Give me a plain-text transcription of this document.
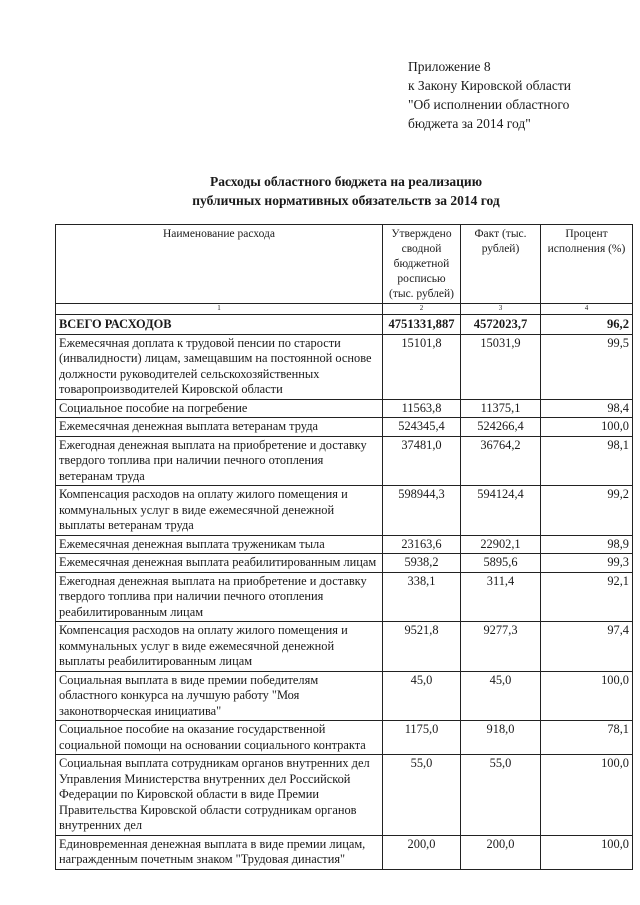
Приложение 8
к Закону Кировской области
"Об исполнении областного
бюджета за 2014 год"
Расходы областного бюджета на реализацию
публичных нормативных обязательств за 2014 год
Наименование расхода	Утверждено сводной бюджетной росписью (тыс. рублей)	Факт (тыс. рублей)	Процент исполнения (%)
1	2	3	4
ВСЕГО РАСХОДОВ	4751331,887	4572023,7	96,2
Ежемесячная доплата к трудовой пенсии по старости (инвалидности) лицам, замещавшим на постоянной основе должности руководителей сельскохозяйственных товаропроизводителей Кировской области	15101,8	15031,9	99,5
Социальное пособие на погребение	11563,8	11375,1	98,4
Ежемесячная денежная выплата ветеранам труда	524345,4	524266,4	100,0
Ежегодная денежная выплата на приобретение и доставку твердого топлива при наличии печного отопления ветеранам труда	37481,0	36764,2	98,1
Компенсация расходов на оплату жилого помещения и коммунальных услуг в виде ежемесячной денежной выплаты ветеранам труда	598944,3	594124,4	99,2
Ежемесячная денежная выплата труженикам тыла	23163,6	22902,1	98,9
Ежемесячная денежная выплата реабилитированным лицам	5938,2	5895,6	99,3
Ежегодная денежная выплата на приобретение и доставку твердого топлива при наличии печного отопления реабилитированным лицам	338,1	311,4	92,1
Компенсация расходов на оплату жилого помещения и коммунальных услуг в виде ежемесячной денежной выплаты реабилитированным лицам	9521,8	9277,3	97,4
Социальная выплата в виде премии победителям областного конкурса на лучшую работу "Моя законотворческая инициатива"	45,0	45,0	100,0
Социальное пособие на оказание государственной социальной помощи на основании социального контракта	1175,0	918,0	78,1
Социальная выплата сотрудникам органов внутренних дел Управления Министерства внутренних дел Российской Федерации по Кировской области в виде Премии Правительства Кировской области сотрудникам органов внутренних дел	55,0	55,0	100,0
Единовременная денежная выплата в виде премии лицам, награжденным почетным знаком "Трудовая династия"	200,0	200,0	100,0
